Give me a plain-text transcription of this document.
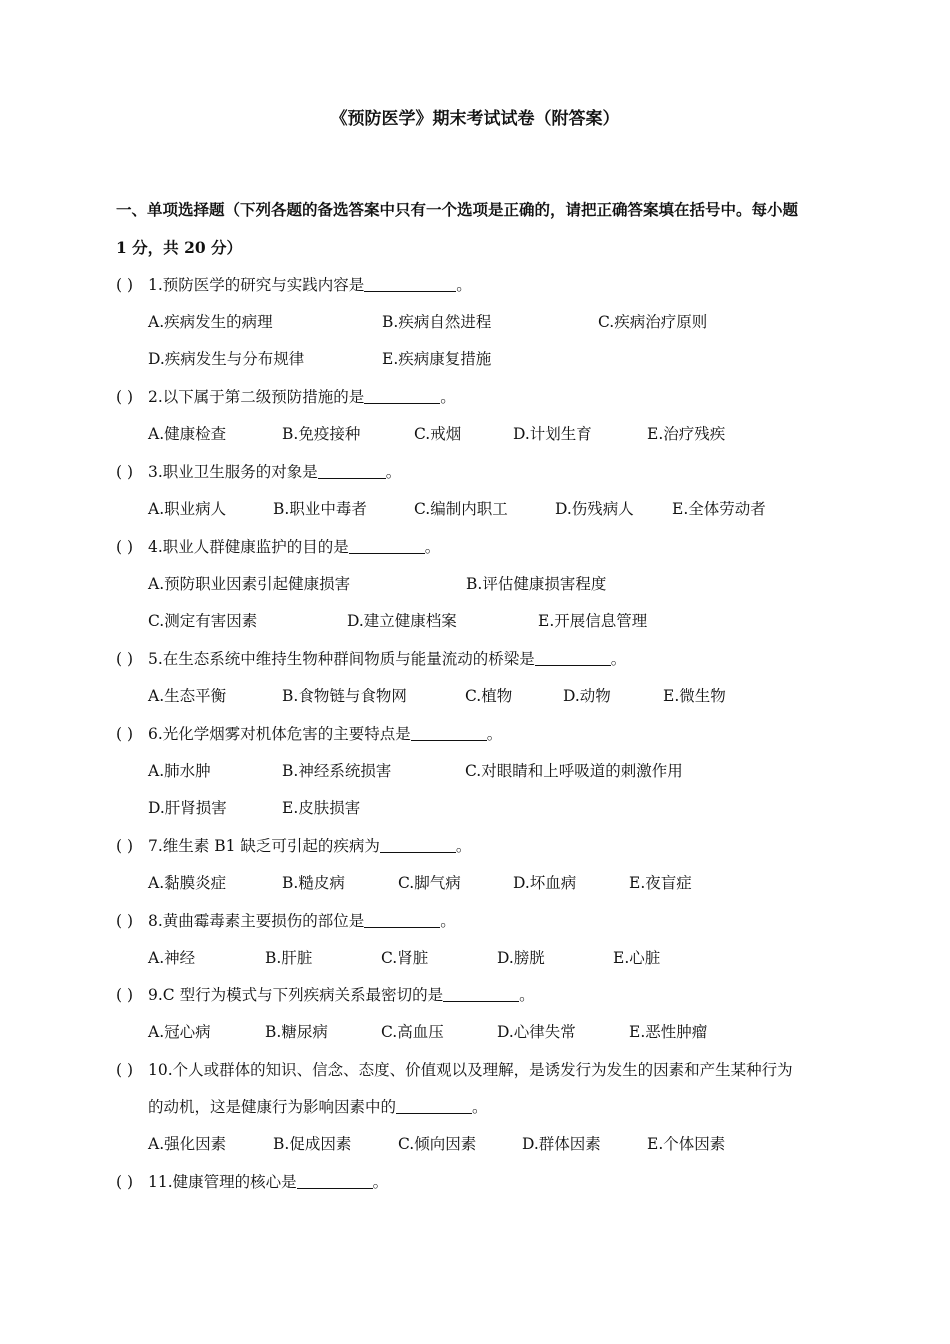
《预防医学》期末考试试卷（附答案）
一、单项选择题（下列各题的备选答案中只有一个选项是正确的，请把正确答案填在括号中。每小题
1 分，共 20 分）
( ) 1.预防医学的研究与实践内容是	。
A.疾病发生的病理	B.疾病自然进程	C.疾病治疗原则
D.疾病发生与分布规律	E.疾病康复措施
( ) 2.以下属于第二级预防措施的是	。
A.健康检查	B.免疫接种	C.戒烟	D.计划生育	E.治疗残疾
( ) 3.职业卫生服务的对象是	。
A.职业病人	B.职业中毒者	C.编制内职工	D.伤残病人 E.全体劳动者
( ) 4.职业人群健康监护的目的是	。
A.预防职业因素引起健康损害	B.评估健康损害程度
C.测定有害因素	D.建立健康档案	E.开展信息管理
( ) 5.在生态系统中维持生物种群间物质与能量流动的桥梁是	。
A.生态平衡	B.食物链与食物网	C.植物	D.动物	E.微生物
( ) 6.光化学烟雾对机体危害的主要特点是	。
A.肺水肿	B.神经系统损害	C.对眼睛和上呼吸道的刺激作用
D.肝肾损害	E.皮肤损害
( ) 7.维生素 B1 缺乏可引起的疾病为	。
A.黏膜炎症	B.糙皮病	C.脚气病	D.坏血病	E.夜盲症
( ) 8.黄曲霉毒素主要损伤的部位是	。
A.神经	B.肝脏	C.肾脏	D.膀胱	E.心脏
( ) 9.C 型行为模式与下列疾病关系最密切的是	。
A.冠心病	B.糖尿病	C.高血压	D.心律失常	E.恶性肿瘤
( ) 10.个人或群体的知识、信念、态度、价值观以及理解，是诱发行为发生的因素和产生某种行为
的动机，这是健康行为影响因素中的	。
A.强化因素	B.促成因素	C.倾向因素	D.群体因素	E.个体因素
( ) 11.健康管理的核心是	。
